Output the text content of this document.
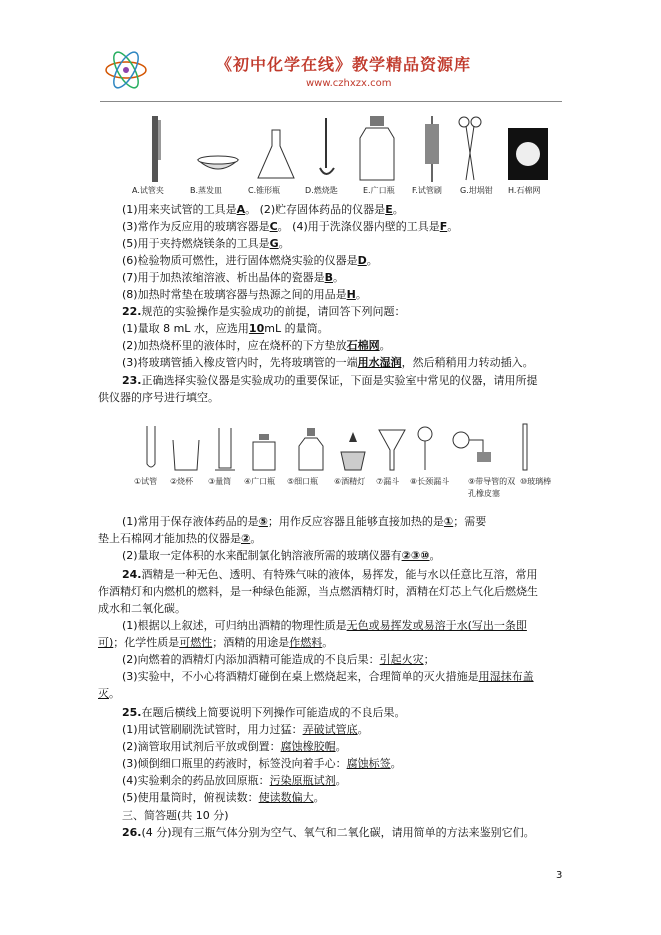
《初中化学在线》教学精品资源库
www.czhxzx.com
A.试管夹	B.蒸发皿	C.锥形瓶	D.燃烧匙	E.广口瓶 F.试管刷 G.坩埚钳 H.石棉网
(1)用来夹试管的工具是A。 (2)贮存固体药品的仪器是E。
(3)常作为反应用的玻璃容器是C。 (4)用于洗涤仪器内壁的工具是F。
(5)用于夹持燃烧镁条的工具是G。
(6)检验物质可燃性，进行固体燃烧实验的仪器是D。
(7)用于加热浓缩溶液、析出晶体的瓷器是B。
(8)加热时常垫在玻璃容器与热源之间的用品是H。
22.规范的实验操作是实验成功的前提，请回答下列问题：
(1)量取 8 mL 水，应选用10mL 的量筒。
(2)加热烧杯里的液体时，应在烧杯的下方垫放石棉网。
(3)将玻璃管插入橡皮管内时，先将玻璃管的一端用水湿润，然后稍稍用力转动插入。
23.正确选择实验仪器是实验成功的重要保证，下面是实验室中常见的仪器，请用所提
供仪器的序号进行填空。
①试管 ②烧杯 ③量筒 ④广口瓶 ⑤细口瓶 ⑥酒精灯 ⑦漏斗 ⑧长颈漏斗 ⑨带导管的双孔橡皮塞
⑩玻璃棒
(1)常用于保存液体药品的是⑤；用作反应容器且能够直接加热的是①；需要
垫上石棉网才能加热的仪器是②。
(2)量取一定体积的水来配制氯化钠溶液所需的玻璃仪器有②③⑩。
24.酒精是一种无色、透明、有特殊气味的液体，易挥发，能与水以任意比互溶，常用
作酒精灯和内燃机的燃料，是一种绿色能源，当点燃酒精灯时，酒精在灯芯上气化后燃烧生
成水和二氧化碳。
(1)根据以上叙述，可归纳出酒精的物理性质是无色或易挥发或易溶于水(写出一条即
可)；化学性质是可燃性；酒精的用途是作燃料。
(2)向燃着的酒精灯内添加酒精可能造成的不良后果：引起火灾；
(3)实验中，不小心将酒精灯碰倒在桌上燃烧起来，合理简单的灭火措施是用湿抹布盖
灭。
25.在题后横线上简要说明下列操作可能造成的不良后果。
(1)用试管刷刷洗试管时，用力过猛：弄破试管底。
(2)滴管取用试剂后平放或倒置：腐蚀橡胶帽。
(3)倾倒细口瓶里的药液时，标签没向着手心：腐蚀标签。
(4)实验剩余的药品放回原瓶：污染原瓶试剂。
(5)使用量筒时，俯视读数：使读数偏大。
三、简答题(共 10 分)
26.(4 分)现有三瓶气体分别为空气、氧气和二氧化碳，请用简单的方法来鉴别它们。
3
